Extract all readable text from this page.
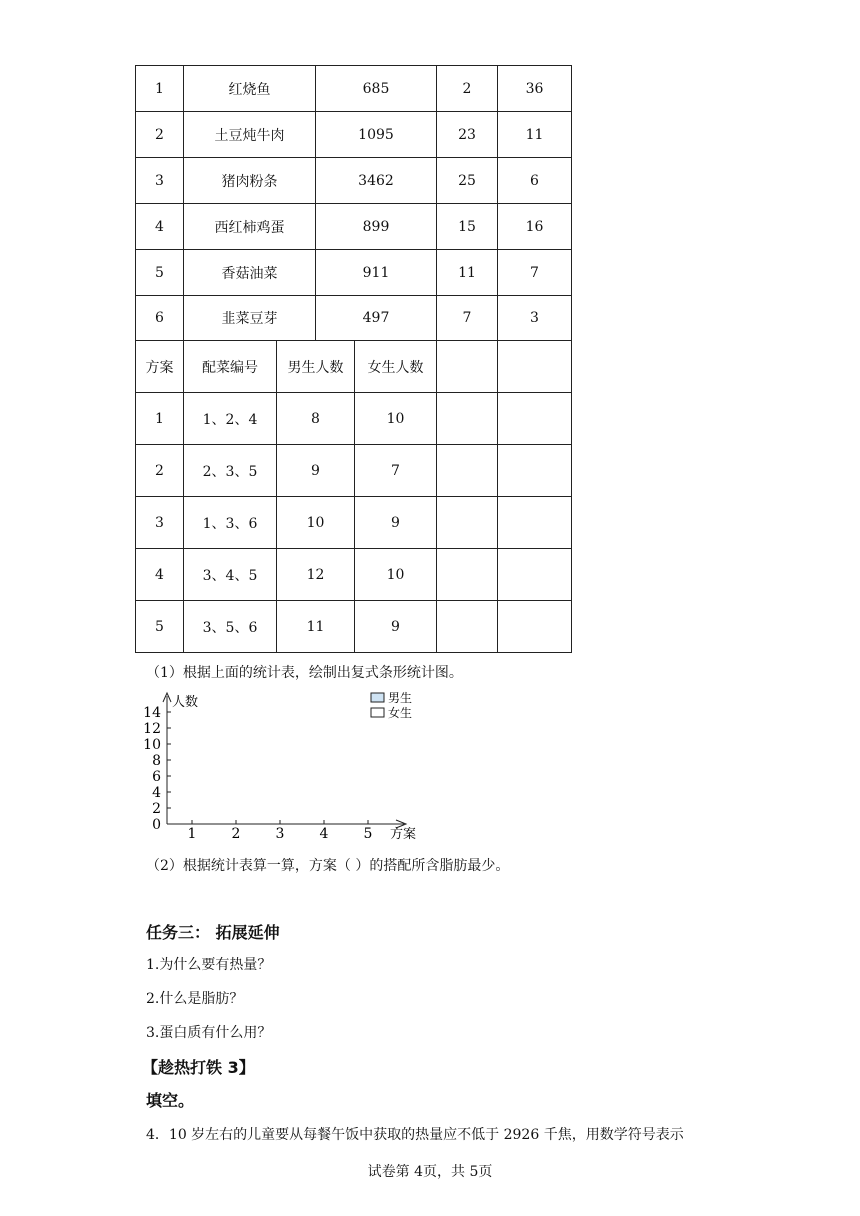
1	红烧鱼	685	2	36
2	土豆炖牛肉	1095	23	11
3	猪肉粉条	3462	25	6
4	西红柿鸡蛋	899	15	16
5	香菇油菜	911	11	7
6	韭菜豆芽	497	7	3
方案	配菜编号	男生人数	女生人数		
1	1、2、4	8	10		
2	2、3、5	9	7		
3	1、3、6	10	9		
4	3、4、5	12	10		
5	3、5、6	11	9		
（1）根据上面的统计表，绘制出复式条形统计图。
0
2
4
6
8
10
12
14
1	2	3	4	5
人数
方案
男生
女生
（2）根据统计表算一算，方案（ ）的搭配所含脂肪最少。
任务三： 拓展延伸
1.为什么要有热量？
2.什么是脂肪？
3.蛋白质有什么用？
【趁热打铁 3】
填空。
4．10 岁左右的儿童要从每餐午饭中获取的热量应不低于 2926 千焦，用数学符号表示
试卷第 4页，共 5页
